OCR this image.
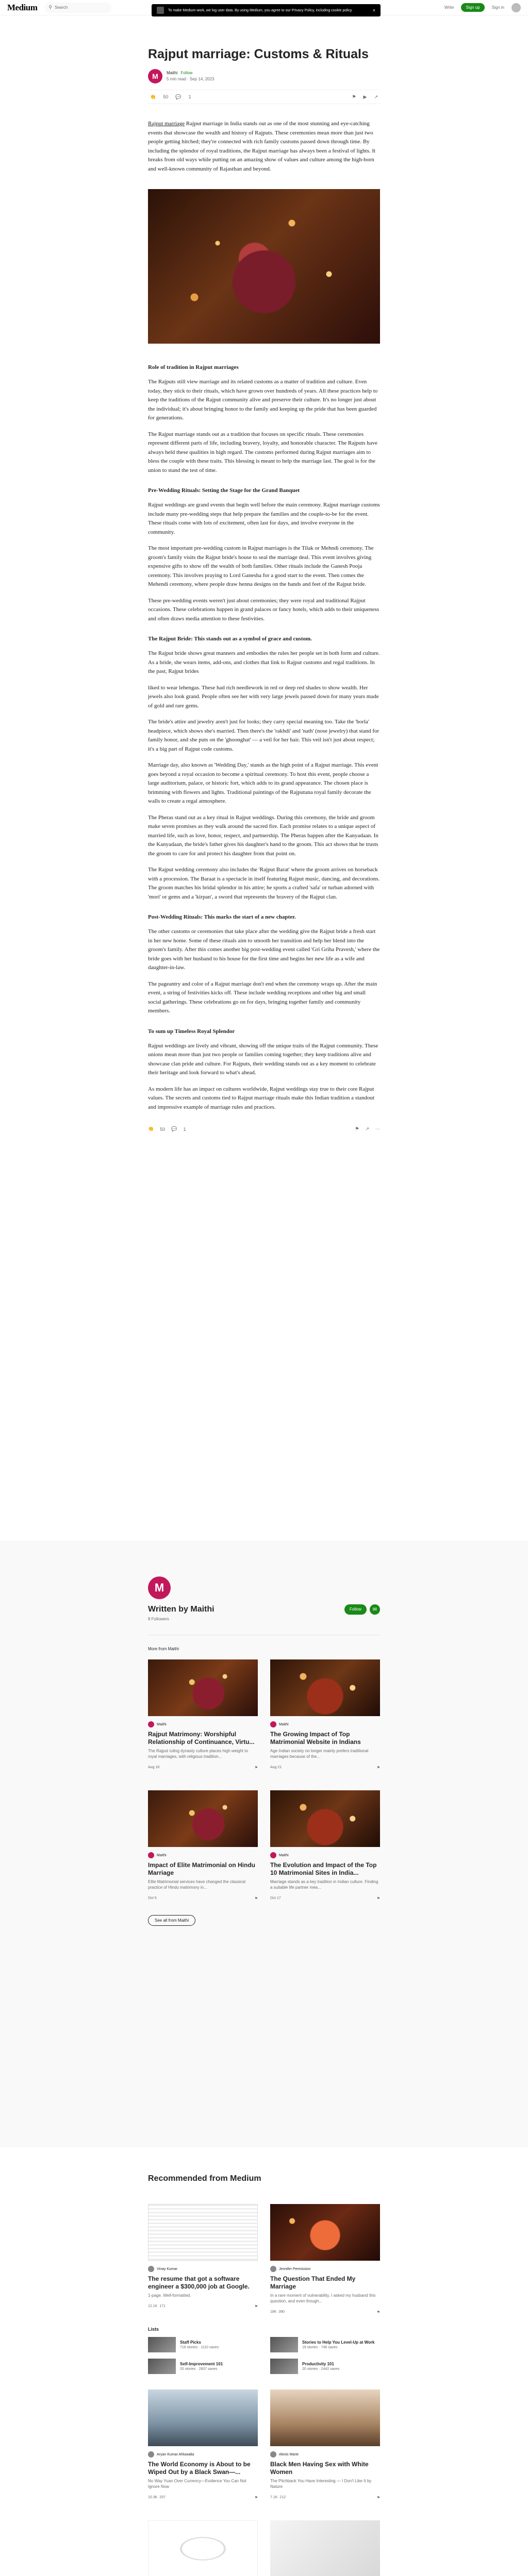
Medium ⚲ Search	Write	Sign up	Sign in
To make Medium work, we log user data. By using Medium, you agree to our Privacy Policy, including cookie policy.	×
Rajput marriage: Customs & Rituals
M	Maithi Follow
5 min read · Sep 14, 2023
👏 50 💬 1	⚑ ▶ ↗

Rajput marriage Rajput marriage in India stands out as one of the most stunning and eye-catching events that showcase the wealth and history of Rajputs. These ceremonies mean more than just two people getting hitched; they're connected with rich family customs passed down through time. By including the splendor of royal traditions, the Rajput marriage has always been a festival of lights. It breaks from old ways while putting on an amazing show of values and culture among the high-born and well-known community of Rajasthan and beyond.

Role of tradition in Rajput marriages

The Rajputs still view marriage and its related customs as a matter of tradition and culture. Even today, they stick to their rituals, which have grown over hundreds of years. All these practices help to keep the traditions of the Rajput community alive and preserve their culture. It's no longer just about the individual; it's about bringing honor to the family and keeping up the pride that has been guarded for generations.

The Rajput marriage stands out as a tradition that focuses on specific rituals. These ceremonies represent different parts of life, including bravery, loyalty, and honorable character. The Rajputs have always held these qualities in high regard. The customs performed during Rajput marriages aim to bless the couple with these traits. This blessing is meant to help the marriage last. The goal is for the union to stand the test of time.

Pre-Wedding Rituals: Setting the Stage for the Grand Banquet

Rajput weddings are grand events that begin well before the main ceremony. Rajput marriage customs include many pre-wedding steps that help prepare the families and the couple-to-be for the event. These rituals come with lots of excitement, often last for days, and involve everyone in the community.

The most important pre-wedding custom in Rajput marriages is the Tilak or Mehndi ceremony. The groom's family visits the Rajput bride's house to seal the marriage deal. This event involves giving expensive gifts to show off the wealth of both families. Other rituals include the Ganesh Pooja ceremony. This involves praying to Lord Ganesha for a good start to the event. Then comes the Mehendi ceremony, where people draw henna designs on the hands and feet of the Rajput bride.

These pre-wedding events weren't just about ceremonies; they were royal and traditional Rajput occasions. These celebrations happen in grand palaces or fancy hotels, which adds to their uniqueness and often draws media attention to these festivities.

The Rajput Bride: This stands out as a symbol of grace and custom.

The Rajput bride shows great manners and embodies the rules her people set in both form and culture. As a bride, she wears items, add-ons, and clothes that link to Rajput customs and regal traditions. In the past, Rajput brides

liked to wear lehengas. These had rich needlework in red or deep red shades to show wealth. Her jewels also look grand. People often see her with very large jewels passed down for many years made of gold and rare gems.

The bride's attire and jewelry aren't just for looks; they carry special meaning too. Take the 'borla' headpiece, which shows she's married. Then there's the 'rakhdi' and 'nath' (nose jewelry) that stand for family honor, and she puts on the 'ghoonghat' — a veil for her hair. This veil isn't just about respect; it's a big part of Rajput code customs.

Marriage day, also known as 'Wedding Day,' stands as the high point of a Rajput marriage. This event goes beyond a royal occasion to become a spiritual ceremony. To host this event, people choose a large auditorium, palace, or historic fort, which adds to its grand appearance. The chosen place is brimming with flowers and lights. Traditional paintings of the Rajputana royal family decorate the walls to create a regal atmosphere.

The Pheras stand out as a key ritual in Rajput weddings. During this ceremony, the bride and groom make seven promises as they walk around the sacred fire. Each promise relates to a unique aspect of married life, such as love, honor, respect, and partnership. The Pheras happen after the Kanyadaan. In the Kanyadaan, the bride's father gives his daughter's hand to the groom. This act shows that he trusts the groom to care for and protect his daughter from that point on.

The Rajput wedding ceremony also includes the 'Rajput Barat' where the groom arrives on horseback with a procession. The Baraat is a spectacle in itself featuring Rajput music, dancing, and decorations. The groom matches his bridal splendor in his attire; he sports a crafted 'safa' or turban adorned with 'mori' or gems and a 'kirpan', a sword that represents the bravery of the Rajput clan.

Post-Wedding Rituals: This marks the start of a new chapter.

The other customs or ceremonies that take place after the wedding give the Rajput bride a fresh start in her new home. Some of these rituals aim to smooth her transition and help her blend into the groom's family. After this comes another big post-wedding event called 'Gri Griha Pravesh,' where the bride goes with her husband to his house for the first time and begins her new life as a wife and daughter-in-law.

The pageantry and color of a Rajput marriage don't end when the ceremony wraps up. After the main event, a string of festivities kicks off. These include wedding receptions and other big and small social gatherings. These celebrations go on for days, bringing together family and community members.

To sum up Timeless Royal Splendor

Rajput weddings are lively and vibrant, showing off the unique traits of the Rajput community. These unions mean more than just two people or families coming together; they keep traditions alive and showcase clan pride and culture. For Rajputs, their wedding stands out as a key moment to celebrate their heritage and look forward to what's ahead.

As modern life has an impact on cultures worldwide, Rajput weddings stay true to their core Rajput values. The secrets and customs tied to Rajput marriage rituals make this Indian tradition a standout and impressive example of marriage rules and practices.

👏 50 💬 1	⚑ ↗ ⋯
M
Written by Maithi	Follow	✉
8 Followers
More from Maithi
Maithi
Rajput Matrimony: Worshipful Relationship of Continuance, Virtu...
The Rajput ruling dynasty culture places high weight to royal marriages, with religious tradition...
Aug 18	⚑
Maithi
The Growing Impact of Top Matrimonial Website in Indians
Age Indian society no longer mainly prefers traditional marriages because of the...
Aug 21	⚑
Maithi
Impact of Elite Matrimonial on Hindu Marriage
Elite Matrimonial services have changed the classical practice of Hindu matrimony in...
Oct 5	⚑
Maithi
The Evolution and Impact of the Top 10 Matrimonial Sites in India...
Marriage stands as a key tradition in Indian culture. Finding a suitable life partner mea...
Oct 17	⚑
See all from Maithi
Recommended from Medium
Vinay Kumar
The resume that got a software engineer a $300,000 job at Google.
1-page. Well-formatted.
12.1K
171	⚑
Jennifer Permission
The Question That Ended My Marriage
In a rare moment of vulnerability, I asked my husband this question, and even though...
18K
390	⚑
Lists
Staff Picks
716 stories · 1110 saves
Stories to Help You Level-Up at Work
19 stories · 746 saves
Self-Improvement 101
20 stories · 2837 saves
Productivity 101
20 stories · 2442 saves
Aryan Kumar Ahluwalia
The World Economy is About to be Wiped Out by a Black Swan—...
No Way Yuan Over Currency—Evidence You Can Not Ignore Now
10.3K
257	⚑
Alexis Marie
Black Men Having Sex with White Women
The Pitchback You Have Interesting — I Don't Like It by Nature
7.1K
212	⚑
